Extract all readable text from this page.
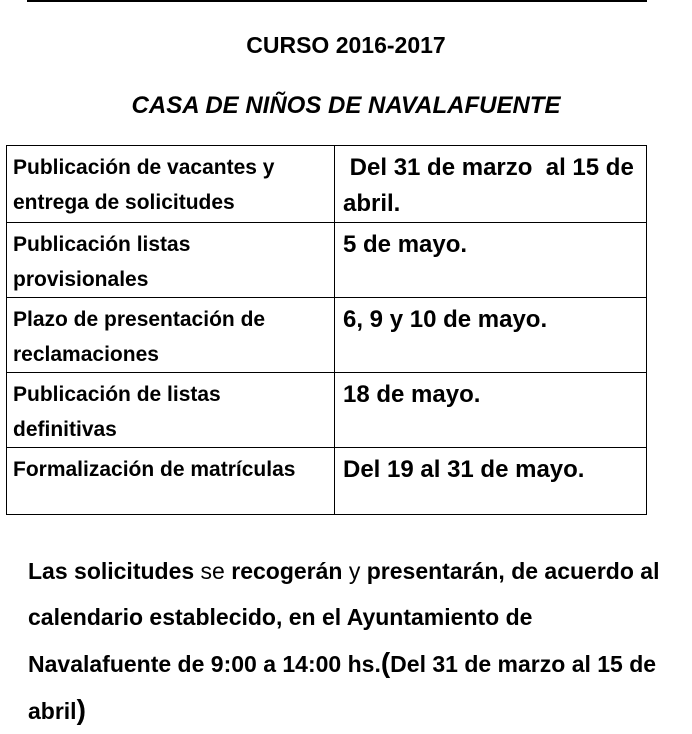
CURSO 2016-2017
CASA DE NIÑOS DE NAVALAFUENTE
Publicación de vacantes y entrega de solicitudes	Del 31 de marzo  al 15 de abril.
Publicación listas provisionales	5 de mayo.
Plazo de presentación de reclamaciones	6, 9 y 10 de mayo.
Publicación de listas definitivas	18 de mayo.
Formalización de matrículas	Del 19 al 31 de mayo.
Las solicitudes se recogerán y presentarán, de acuerdo al calendario establecido, en el Ayuntamiento de Navalafuente de 9:00 a 14:00 hs.(Del 31 de marzo al 15 de abril)
